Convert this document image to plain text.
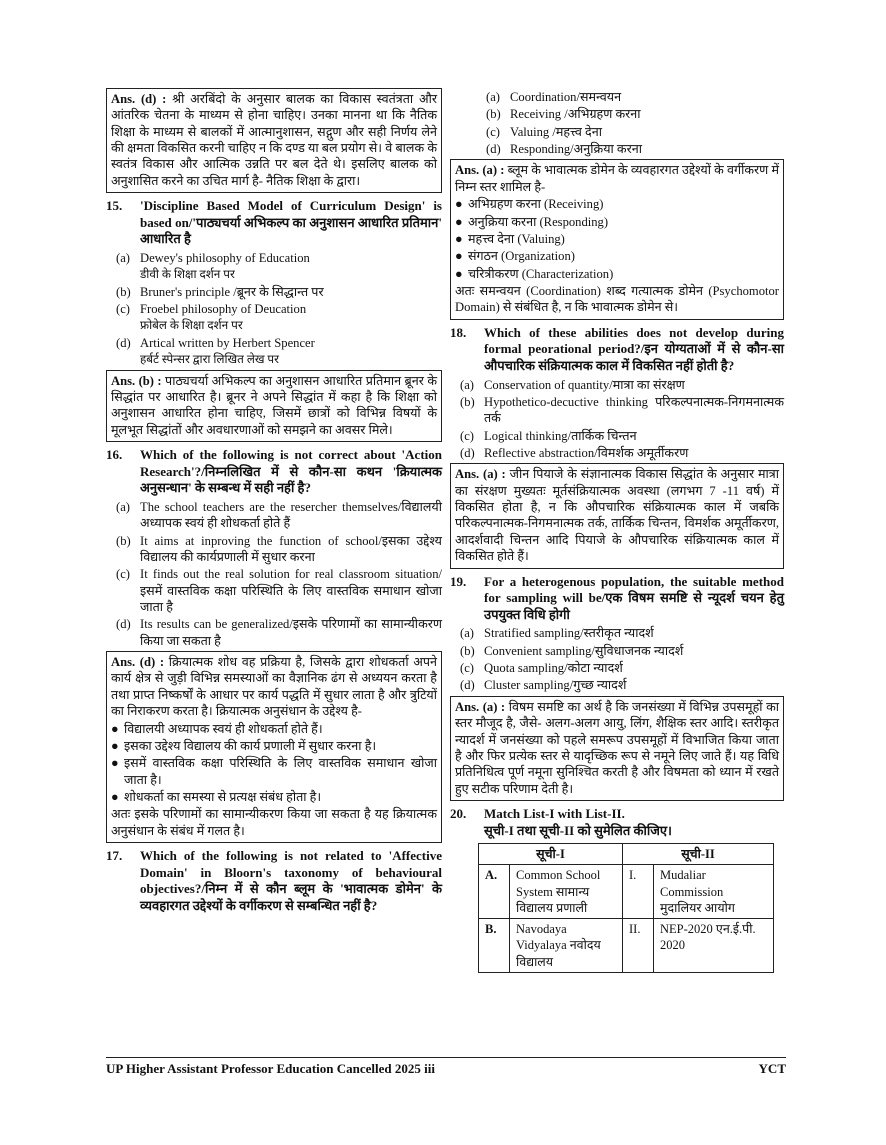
Ans. (d) : श्री अरबिंदो के अनुसार बालक का विकास स्वतंत्रता और आंतरिक चेतना के माध्यम से होना चाहिए। उनका मानना था कि नैतिक शिक्षा के माध्यम से बालकों में आत्मानुशासन, सद्गुण और सही निर्णय लेने की क्षमता विकसित करनी चाहिए न कि दण्ड या बल प्रयोग से। वे बालक के स्वतंत्र विकास और आत्मिक उन्नति पर बल देते थे। इसलिए बालक को अनुशासित करने का उचित मार्ग है- नैतिक शिक्षा के द्वारा।
15.	'Discipline Based Model of Curriculum Design' is based on/'पाठ्यचर्या अभिकल्प का अनुशासन आधारित प्रतिमान' आधारित है
(a) Dewey's philosophy of Education
डीवी के शिक्षा दर्शन पर
(b) Bruner's principle /ब्रूनर के सिद्धान्त पर
(c) Froebel philosophy of Deucation
फ्रोबेल के शिक्षा दर्शन पर
(d) Artical written by Herbert Spencer
हर्बर्ट स्पेन्सर द्वारा लिखित लेख पर
Ans. (b) : पाठ्यचर्या अभिकल्प का अनुशासन आधारित प्रतिमान ब्रूनर के सिद्धांत पर आधारित है। ब्रूनर ने अपने सिद्धांत में कहा है कि शिक्षा को अनुशासन आधारित होना चाहिए, जिसमें छात्रों को विभिन्न विषयों के मूलभूत सिद्धांतों और अवधारणाओं को समझने का अवसर मिले।
16.	Which of the following is not correct about 'Action Research'?/निम्नलिखित में से कौन-सा कथन 'क्रियात्मक अनुसन्धान' के सम्बन्ध में सही नहीं है?
(a) The school teachers are the resercher themselves/विद्यालयी अध्यापक स्वयं ही शोधकर्ता होते हैं
(b) It aims at inproving the function of school/इसका उद्देश्य विद्यालय की कार्यप्रणाली में सुधार करना
(c) It finds out the real solution for real classroom situation/इसमें वास्तविक कक्षा परिस्थिति के लिए वास्तविक समाधान खोजा जाता है
(d) Its results can be generalized/इसके परिणामों का सामान्यीकरण किया जा सकता है
Ans. (d) : क्रियात्मक शोध वह प्रक्रिया है, जिसके द्वारा शोधकर्ता अपने कार्य क्षेत्र से जुड़ी विभिन्न समस्याओं का वैज्ञानिक ढंग से अध्ययन करता है तथा प्राप्त निष्कर्षों के आधार पर कार्य पद्धति में सुधार लाता है और त्रुटियों का निराकरण करता है। क्रियात्मक अनुसंधान के उद्देश्य है-
● विद्यालयी अध्यापक स्वयं ही शोधकर्ता होते हैं।
● इसका उद्देश्य विद्यालय की कार्य प्रणाली में सुधार करना है।
● इसमें वास्तविक कक्षा परिस्थिति के लिए वास्तविक समाधान खोजा जाता है।
● शोधकर्ता का समस्या से प्रत्यक्ष संबंध होता है।
अतः इसके परिणामों का सामान्यीकरण किया जा सकता है यह क्रियात्मक अनुसंधान के संबंध में गलत है।
17.	Which of the following is not related to 'Affective Domain' in Bloorn's taxonomy of behavioural objectives?/निम्न में से कौन ब्लूम के 'भावात्मक डोमेन' के व्यवहारगत उद्देश्यों के वर्गीकरण से सम्बन्धित नहीं है?
(a) Coordination/समन्वयन
(b) Receiving /अभिग्रहण करना
(c) Valuing /महत्त्व देना
(d) Responding/अनुक्रिया करना
Ans. (a) : ब्लूम के भावात्मक डोमेन के व्यवहारगत उद्देश्यों के वर्गीकरण में निम्न स्तर शामिल है-
● अभिग्रहण करना (Receiving)
● अनुक्रिया करना (Responding)
● महत्त्व देना (Valuing)
● संगठन (Organization)
● चरित्रीकरण (Characterization)
अतः समन्वयन (Coordination) शब्द गत्यात्मक डोमेन (Psychomotor Domain) से संबंधित है, न कि भावात्मक डोमेन से।
18.	Which of these abilities does not develop during formal peorational period?/इन योग्यताओं में से कौन-सा औपचारिक संक्रियात्मक काल में विकसित नहीं होती है?
(a) Conservation of quantity/मात्रा का संरक्षण
(b) Hypothetico-decuctive thinking परिकल्पनात्मक-निगमनात्मक तर्क
(c) Logical thinking/तार्किक चिन्तन
(d) Reflective abstraction/विमर्शक अमूर्तीकरण
Ans. (a) : जीन पियाजे के संज्ञानात्मक विकास सिद्धांत के अनुसार मात्रा का संरक्षण मुख्यतः मूर्तसंक्रियात्मक अवस्था (लगभग 7 -11 वर्ष) में विकसित होता है, न कि औपचारिक संक्रियात्मक काल में जबकि परिकल्पनात्मक-निगमनात्मक तर्क, तार्किक चिन्तन, विमर्शक अमूर्तीकरण, आदर्शवादी चिन्तन आदि पियाजे के औपचारिक संक्रियात्मक काल में विकसित होते हैं।
19.	For a heterogenous population, the suitable method for sampling will be/एक विषम समष्टि से न्यूदर्श चयन हेतु उपयुक्त विधि होगी
(a) Stratified sampling/स्तरीकृत न्यादर्श
(b) Convenient sampling/सुविधाजनक न्यादर्श
(c) Quota sampling/कोटा न्यादर्श
(d) Cluster sampling/गुच्छ न्यादर्श
Ans. (a) : विषम समष्टि का अर्थ है कि जनसंख्या में विभिन्न उपसमूहों का स्तर मौजूद है, जैसे- अलग-अलग आयु, लिंग, शैक्षिक स्तर आदि। स्तरीकृत न्यादर्श में जनसंख्या को पहले समरूप उपसमूहों में विभाजित किया जाता है और फिर प्रत्येक स्तर से यादृच्छिक रूप से नमूने लिए जाते हैं। यह विधि प्रतिनिधित्व पूर्ण नमूना सुनिश्चित करती है और विषमता को ध्यान में रखते हुए सटीक परिणाम देती है।
20.	Match List-I with List-II.
सूची-I तथा सूची-II को सुमेलित कीजिए।
सूची-I		सूची-II	
A.	Common School System सामान्य विद्यालय प्रणाली	I.	Mudaliar Commission मुदालियर आयोग
B.	Navodaya Vidyalaya नवोदय विद्यालय	II.	NEP-2020 एन.ई.पी. 2020
UP Higher Assistant Professor Education Cancelled 2025 iii	YCT
